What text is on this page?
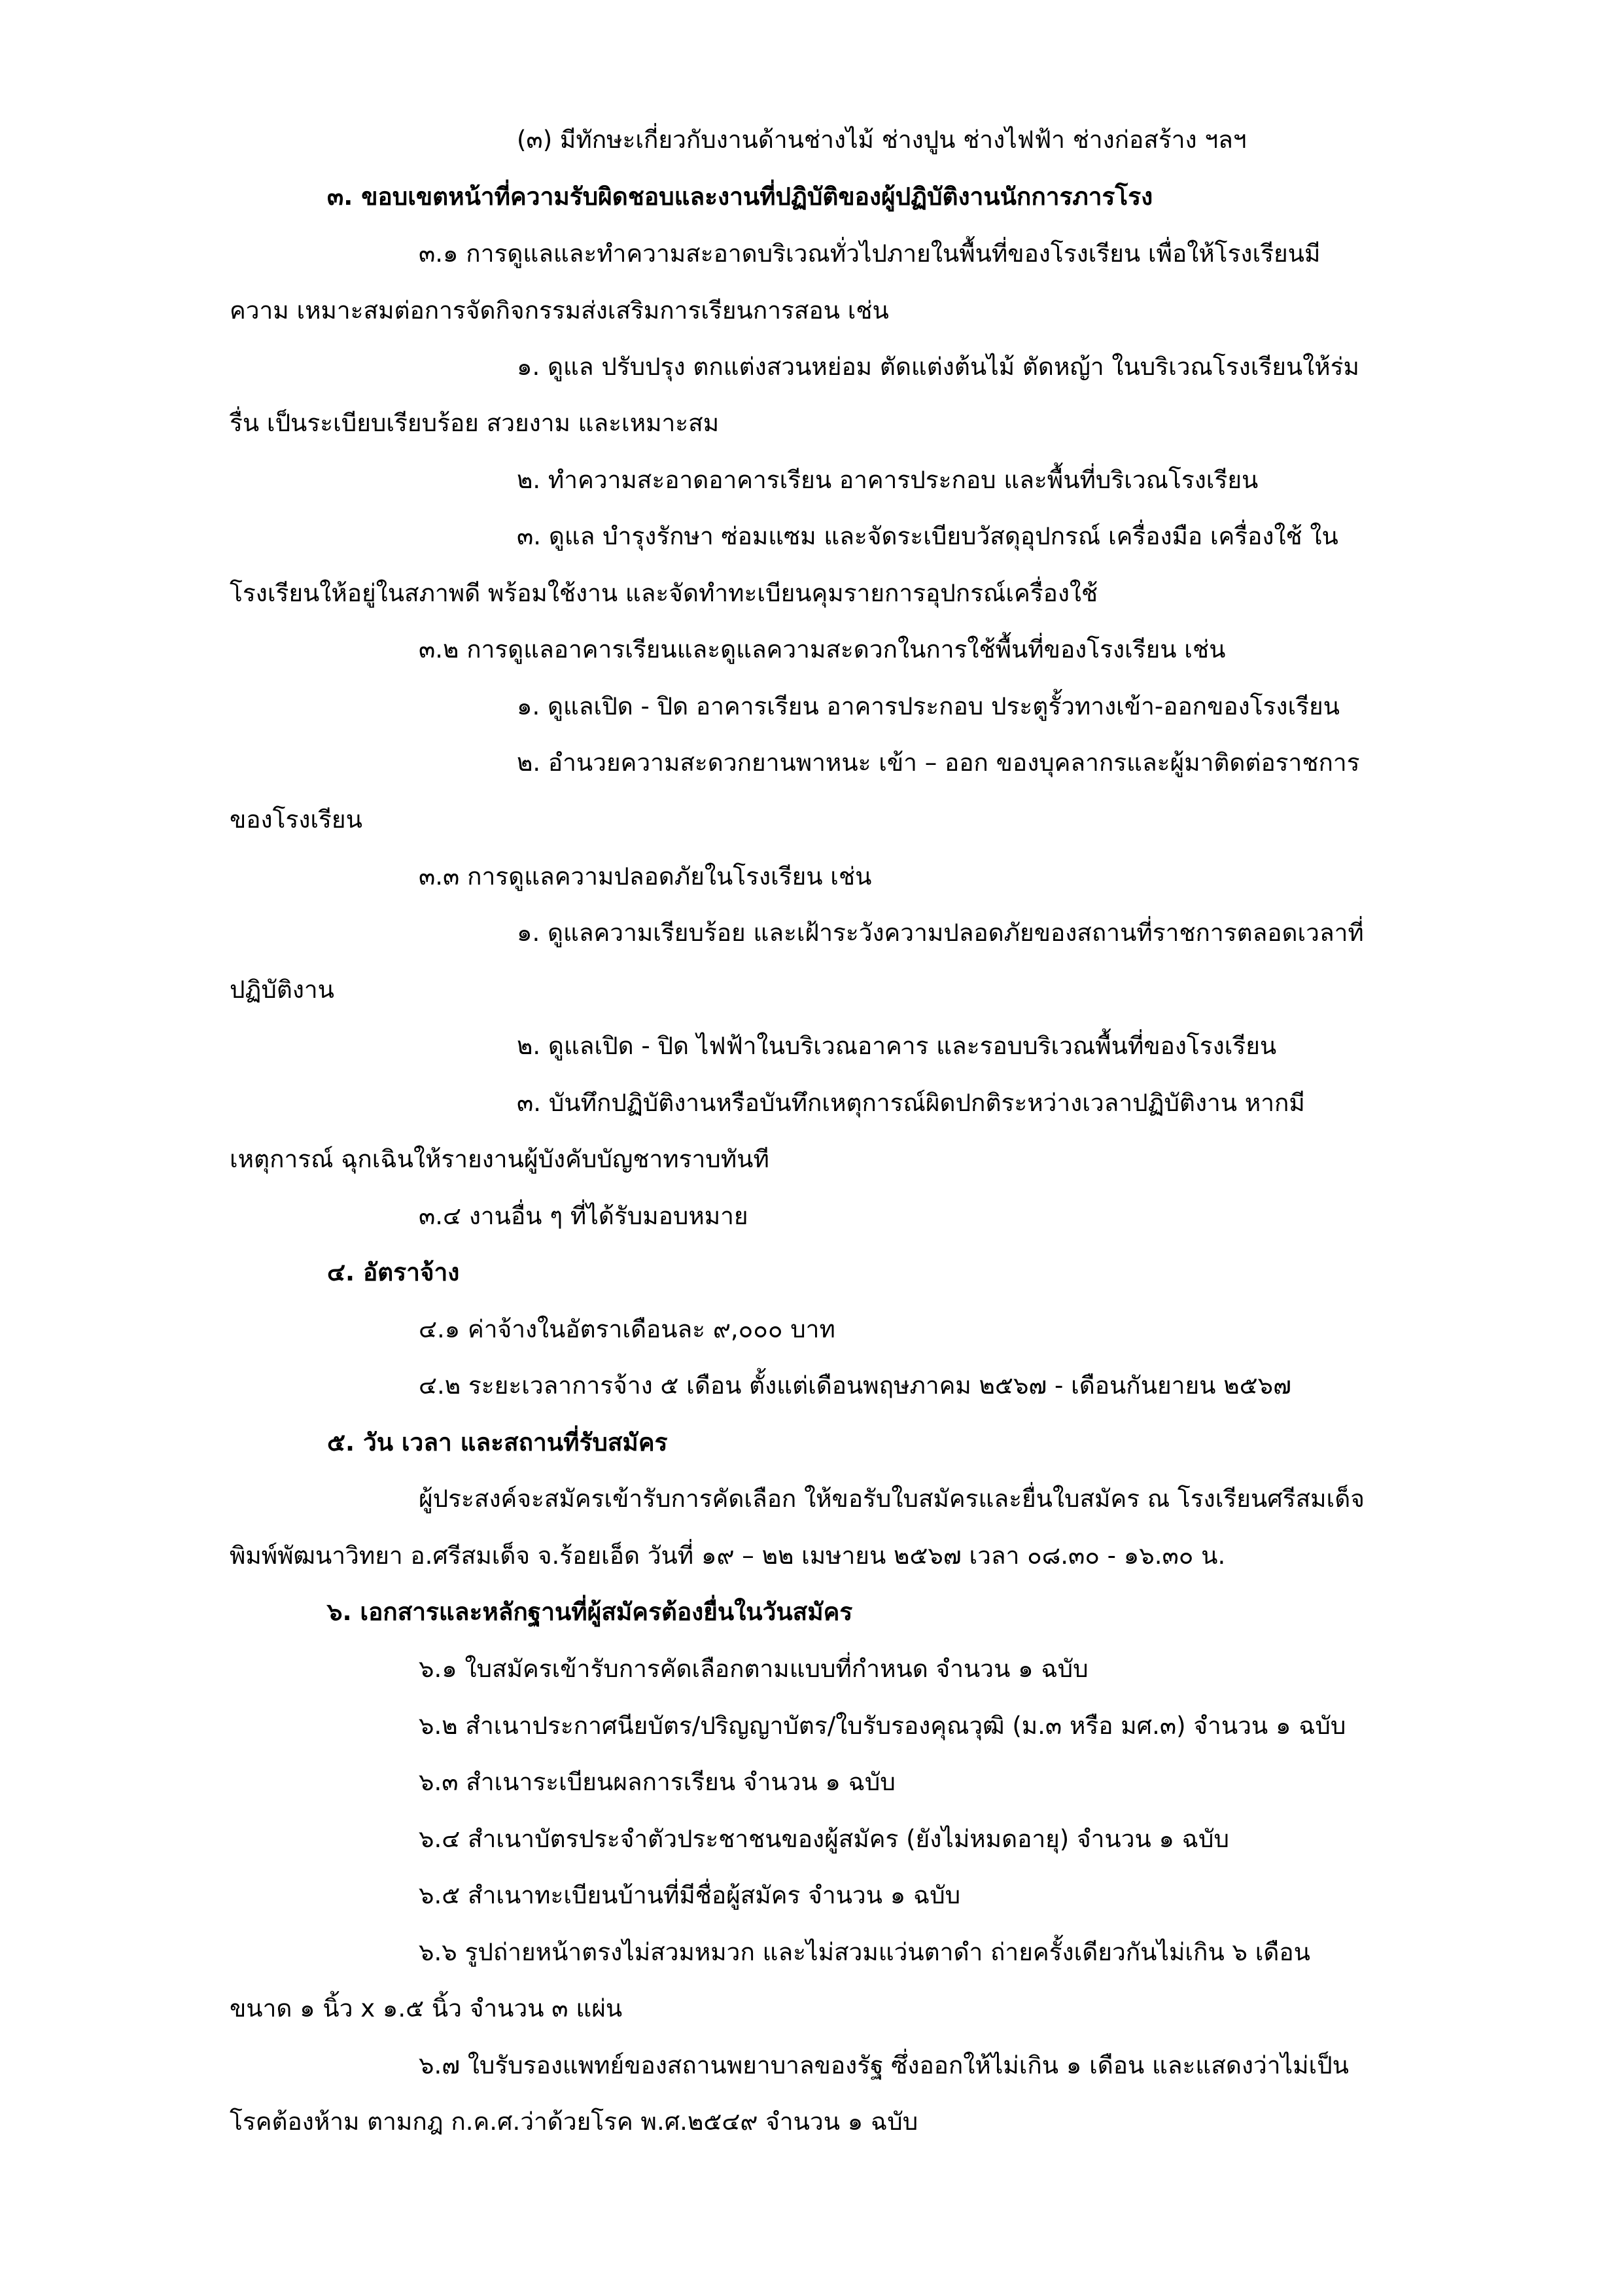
(๓) มีทักษะเกี่ยวกับงานด้านช่างไม้ ช่างปูน ช่างไฟฟ้า ช่างก่อสร้าง ฯลฯ
๓. ขอบเขตหน้าที่ความรับผิดชอบและงานที่ปฏิบัติของผู้ปฏิบัติงานนักการภารโรง
๓.๑ การดูแลและทำความสะอาดบริเวณทั่วไปภายในพื้นที่ของโรงเรียน เพื่อให้โรงเรียนมี
ความ เหมาะสมต่อการจัดกิจกรรมส่งเสริมการเรียนการสอน เช่น
๑. ดูแล ปรับปรุง ตกแต่งสวนหย่อม ตัดแต่งต้นไม้ ตัดหญ้า ในบริเวณโรงเรียนให้ร่ม
รื่น เป็นระเบียบเรียบร้อย สวยงาม และเหมาะสม
๒. ทำความสะอาดอาคารเรียน อาคารประกอบ และพื้นที่บริเวณโรงเรียน
๓. ดูแล บำรุงรักษา ซ่อมแซม และจัดระเบียบวัสดุอุปกรณ์ เครื่องมือ เครื่องใช้ ใน
โรงเรียนให้อยู่ในสภาพดี พร้อมใช้งาน และจัดทำทะเบียนคุมรายการอุปกรณ์เครื่องใช้
๓.๒ การดูแลอาคารเรียนและดูแลความสะดวกในการใช้พื้นที่ของโรงเรียน เช่น
๑. ดูแลเปิด - ปิด อาคารเรียน อาคารประกอบ ประตูรั้วทางเข้า-ออกของโรงเรียน
๒. อำนวยความสะดวกยานพาหนะ เข้า – ออก ของบุคลากรและผู้มาติดต่อราชการ
ของโรงเรียน
๓.๓ การดูแลความปลอดภัยในโรงเรียน เช่น
๑. ดูแลความเรียบร้อย และเฝ้าระวังความปลอดภัยของสถานที่ราชการตลอดเวลาที่
ปฏิบัติงาน
๒. ดูแลเปิด - ปิด ไฟฟ้าในบริเวณอาคาร และรอบบริเวณพื้นที่ของโรงเรียน
๓. บันทึกปฏิบัติงานหรือบันทึกเหตุการณ์ผิดปกติระหว่างเวลาปฏิบัติงาน หากมี
เหตุการณ์ ฉุกเฉินให้รายงานผู้บังคับบัญชาทราบทันที
๓.๔ งานอื่น ๆ ที่ได้รับมอบหมาย
๔. อัตราจ้าง
๔.๑ ค่าจ้างในอัตราเดือนละ ๙,๐๐๐ บาท
๔.๒ ระยะเวลาการจ้าง ๕ เดือน ตั้งแต่เดือนพฤษภาคม ๒๕๖๗ - เดือนกันยายน ๒๕๖๗
๕. วัน เวลา และสถานที่รับสมัคร
ผู้ประสงค์จะสมัครเข้ารับการคัดเลือก ให้ขอรับใบสมัครและยื่นใบสมัคร ณ โรงเรียนศรีสมเด็จ
พิมพ์พัฒนาวิทยา อ.ศรีสมเด็จ จ.ร้อยเอ็ด วันที่ ๑๙ – ๒๒ เมษายน ๒๕๖๗ เวลา ๐๘.๓๐ - ๑๖.๓๐ น.
๖. เอกสารและหลักฐานที่ผู้สมัครต้องยื่นในวันสมัคร
๖.๑ ใบสมัครเข้ารับการคัดเลือกตามแบบที่กำหนด จำนวน ๑ ฉบับ
๖.๒ สำเนาประกาศนียบัตร/ปริญญาบัตร/ใบรับรองคุณวุฒิ (ม.๓ หรือ มศ.๓) จำนวน ๑ ฉบับ
๖.๓ สำเนาระเบียนผลการเรียน จำนวน ๑ ฉบับ
๖.๔ สำเนาบัตรประจำตัวประชาชนของผู้สมัคร (ยังไม่หมดอายุ) จำนวน ๑ ฉบับ
๖.๕ สำเนาทะเบียนบ้านที่มีชื่อผู้สมัคร จำนวน ๑ ฉบับ
๖.๖ รูปถ่ายหน้าตรงไม่สวมหมวก และไม่สวมแว่นตาดำ ถ่ายครั้งเดียวกันไม่เกิน ๖ เดือน
ขนาด ๑ นิ้ว x ๑.๕ นิ้ว จำนวน ๓ แผ่น
๖.๗ ใบรับรองแพทย์ของสถานพยาบาลของรัฐ ซึ่งออกให้ไม่เกิน ๑ เดือน และแสดงว่าไม่เป็น
โรคต้องห้าม ตามกฎ ก.ค.ศ.ว่าด้วยโรค พ.ศ.๒๕๔๙ จำนวน ๑ ฉบับ
